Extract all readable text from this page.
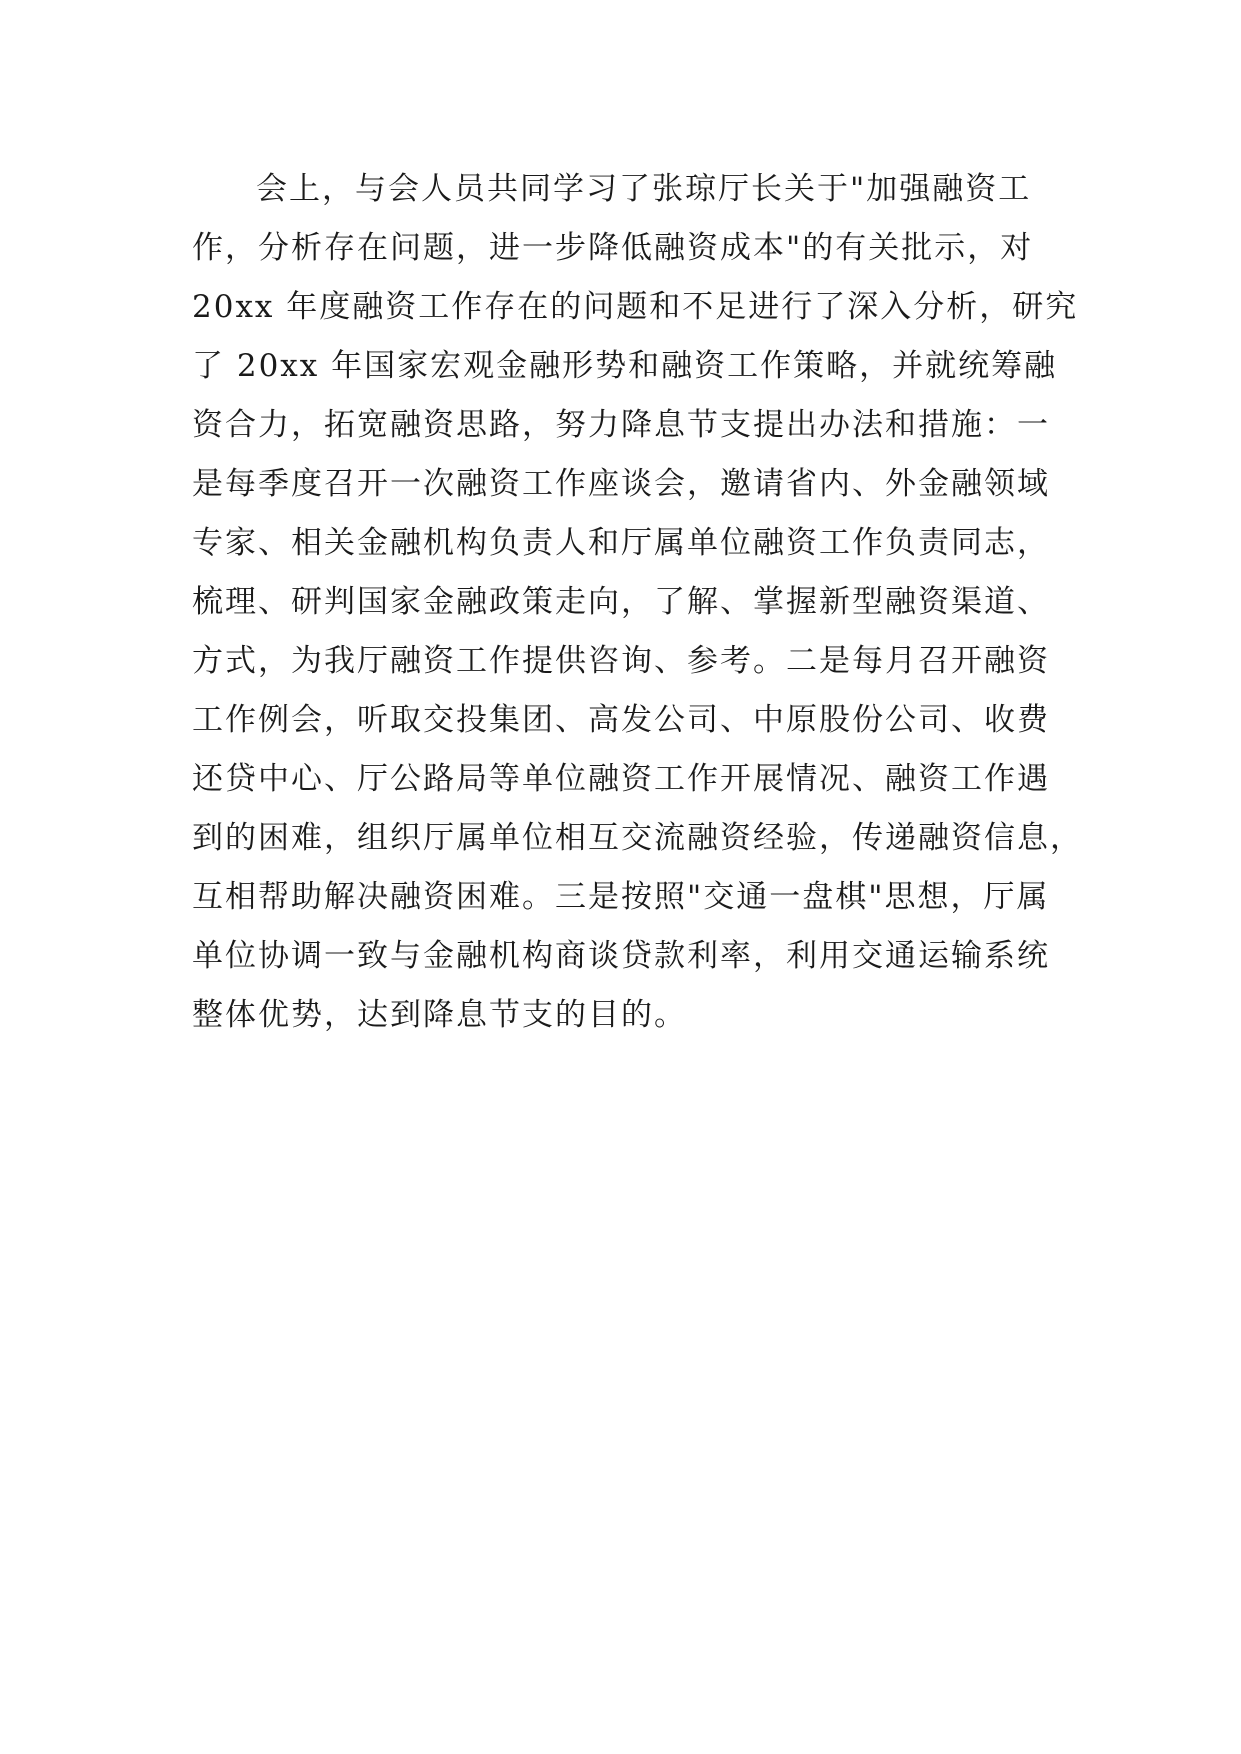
会上，与会人员共同学习了张琼厅长关于"加强融资工
作，分析存在问题，进一步降低融资成本"的有关批示，对
20xx 年度融资工作存在的问题和不足进行了深入分析，研究
了 20xx 年国家宏观金融形势和融资工作策略，并就统筹融
资合力，拓宽融资思路，努力降息节支提出办法和措施：一
是每季度召开一次融资工作座谈会，邀请省内、外金融领域
专家、相关金融机构负责人和厅属单位融资工作负责同志，
梳理、研判国家金融政策走向，了解、掌握新型融资渠道、
方式，为我厅融资工作提供咨询、参考。二是每月召开融资
工作例会，听取交投集团、高发公司、中原股份公司、收费
还贷中心、厅公路局等单位融资工作开展情况、融资工作遇
到的困难，组织厅属单位相互交流融资经验，传递融资信息，
互相帮助解决融资困难。三是按照"交通一盘棋"思想，厅属
单位协调一致与金融机构商谈贷款利率，利用交通运输系统
整体优势，达到降息节支的目的。
